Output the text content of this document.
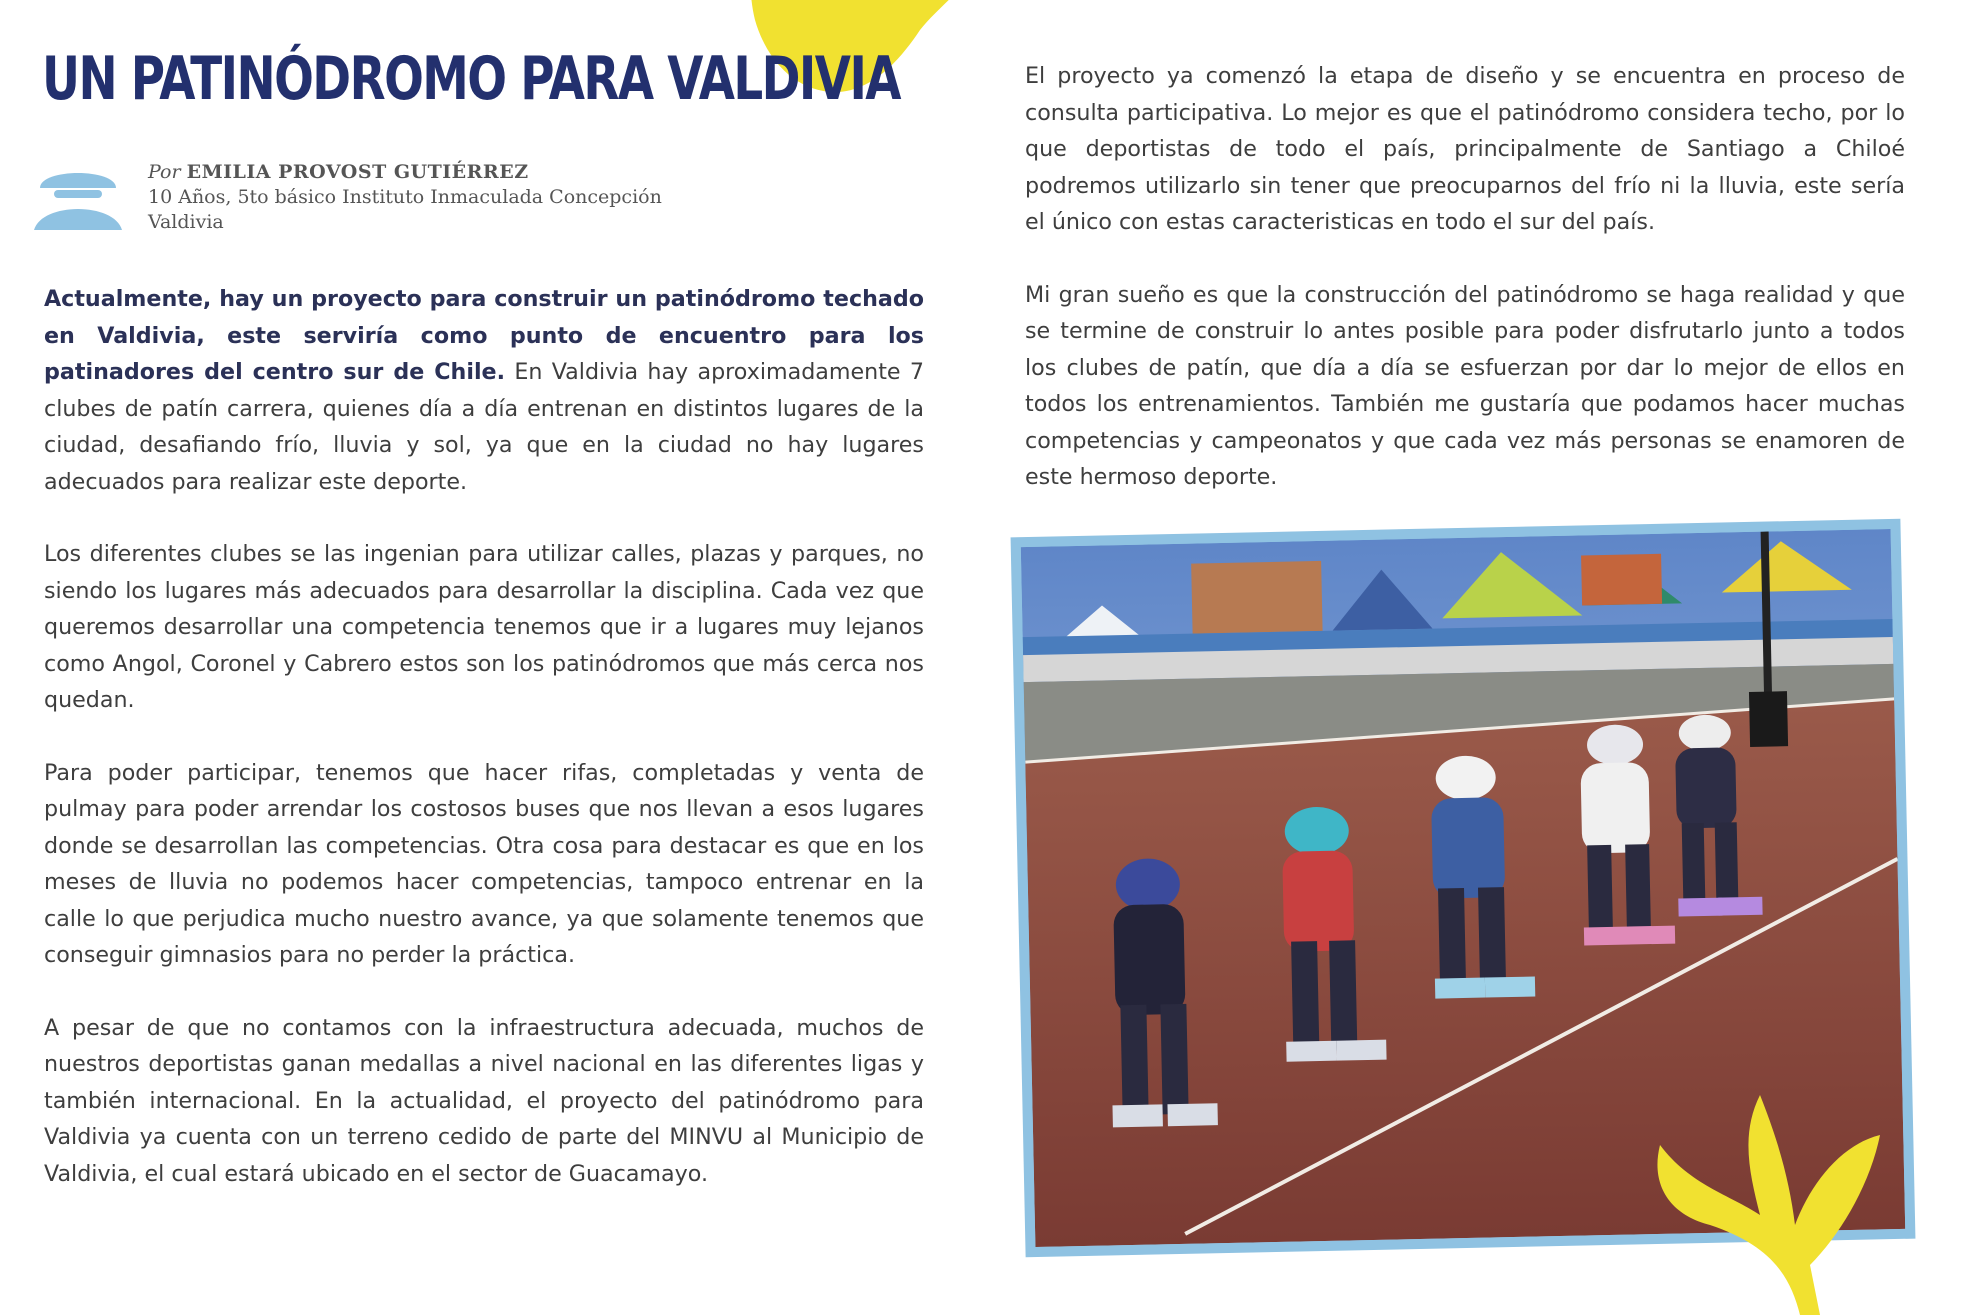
UN PATINÓDROMO PARA VALDIVIA
Por EMILIA PROVOST GUTIÉRREZ
10 Años, 5to básico Instituto Inmaculada Concepción
Valdivia

Actualmente, hay un proyecto para construir un patinódromo techado en Valdivia, este serviría como punto de encuentro para los patinadores del centro sur de Chile. En Valdivia hay aproximadamente 7 clubes de patín carrera, quienes día a día entrenan en distintos lugares de la ciudad, desafiando frío, lluvia y sol, ya que en la ciudad no hay lugares adecuados para realizar este deporte.

Los diferentes clubes se las ingenian para utilizar calles, plazas y parques, no siendo los lugares más adecuados para desarrollar la disciplina. Cada vez que queremos desarrollar una competencia tenemos que ir a lugares muy lejanos como Angol, Coronel y Cabrero estos son los patinódromos que más cerca nos quedan.

Para poder participar, tenemos que hacer rifas, completadas y venta de pulmay para poder arrendar los costosos buses que nos llevan a esos lugares donde se desarrollan las competencias. Otra cosa para destacar es que en los meses de lluvia no podemos hacer competencias, tampoco entrenar en la calle lo que perjudica mucho nuestro avance, ya que solamente tenemos que conseguir gimnasios para no perder la práctica.

A pesar de que no contamos con la infraestructura adecuada, muchos de nuestros deportistas ganan medallas a nivel nacional en las diferentes ligas y también internacional. En la actualidad, el proyecto del patinódromo para Valdivia ya cuenta con un terreno cedido de parte del MINVU al Municipio de Valdivia, el cual estará ubicado en el sector de Guacamayo.

El proyecto ya comenzó la etapa de diseño y se encuentra en proceso de consulta participativa. Lo mejor es que el patinódromo considera techo, por lo que deportistas de todo el país, principalmente de Santiago a Chiloé podremos utilizarlo sin tener que preocuparnos del frío ni la lluvia, este sería el único con estas caracteristicas en todo el sur del país.

Mi gran sueño es que la construcción del patinódromo se haga realidad y que se termine de construir lo antes posible para poder disfrutarlo junto a todos los clubes de patín, que día a día se esfuerzan por dar lo mejor de ellos en todos los entrenamientos. También me gustaría que podamos hacer muchas competencias y campeonatos y que cada vez más personas se enamoren de este hermoso deporte.
